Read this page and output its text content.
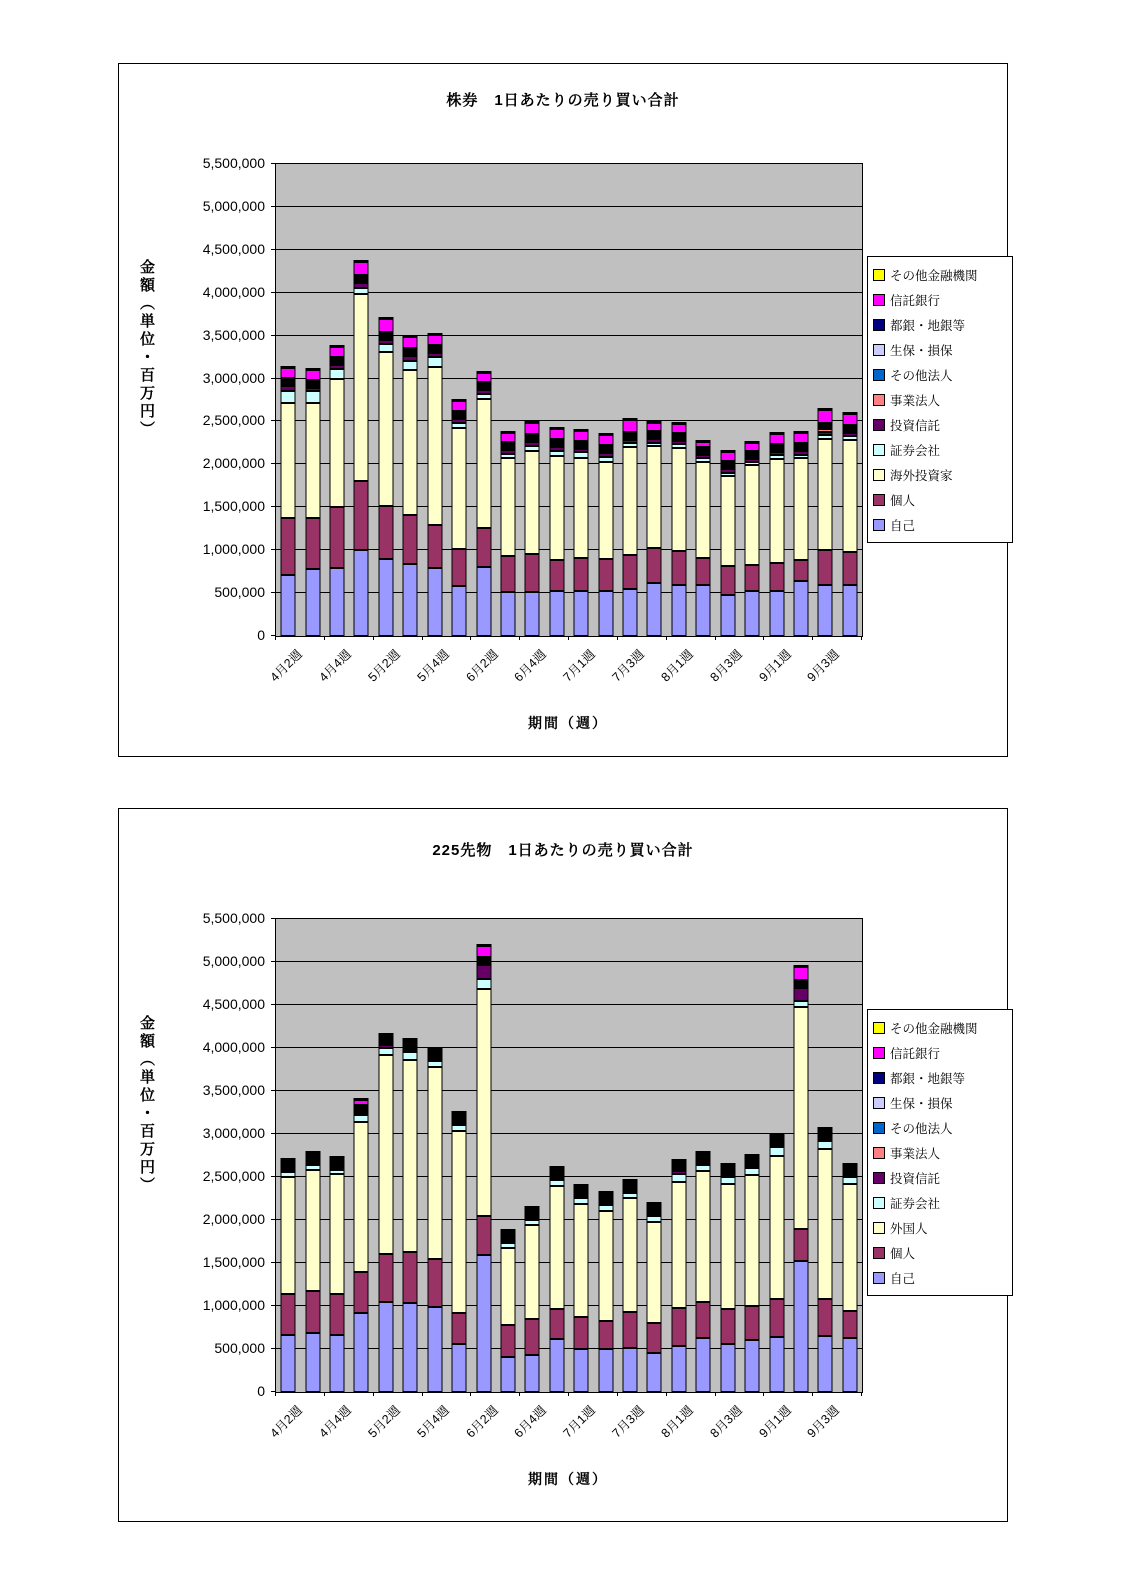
株券　1日あたりの売り買い合計
金額（単位・百万円）
期間（週）
その他金融機関
信託銀行
都銀・地銀等
生保・損保
その他法人
事業法人
投資信託
証券会社
海外投資家
個人
自己
0
500,000
1,000,000
1,500,000
2,000,000
2,500,000
3,000,000
3,500,000
4,000,000
4,500,000
5,000,000
5,500,000
4月2週 4月4週 5月2週 5月4週 6月2週 6月4週 7月1週 7月3週 8月1週 8月3週 9月1週 9月3週
225先物　1日あたりの売り買い合計
金額（単位・百万円）
期間（週）
その他金融機関
信託銀行
都銀・地銀等
生保・損保
その他法人
事業法人
投資信託
証券会社
外国人
個人
自己
0
500,000
1,000,000
1,500,000
2,000,000
2,500,000
3,000,000
3,500,000
4,000,000
4,500,000
5,000,000
5,500,000
4月2週 4月4週 5月2週 5月4週 6月2週 6月4週 7月1週 7月3週 8月1週 8月3週 9月1週 9月3週
